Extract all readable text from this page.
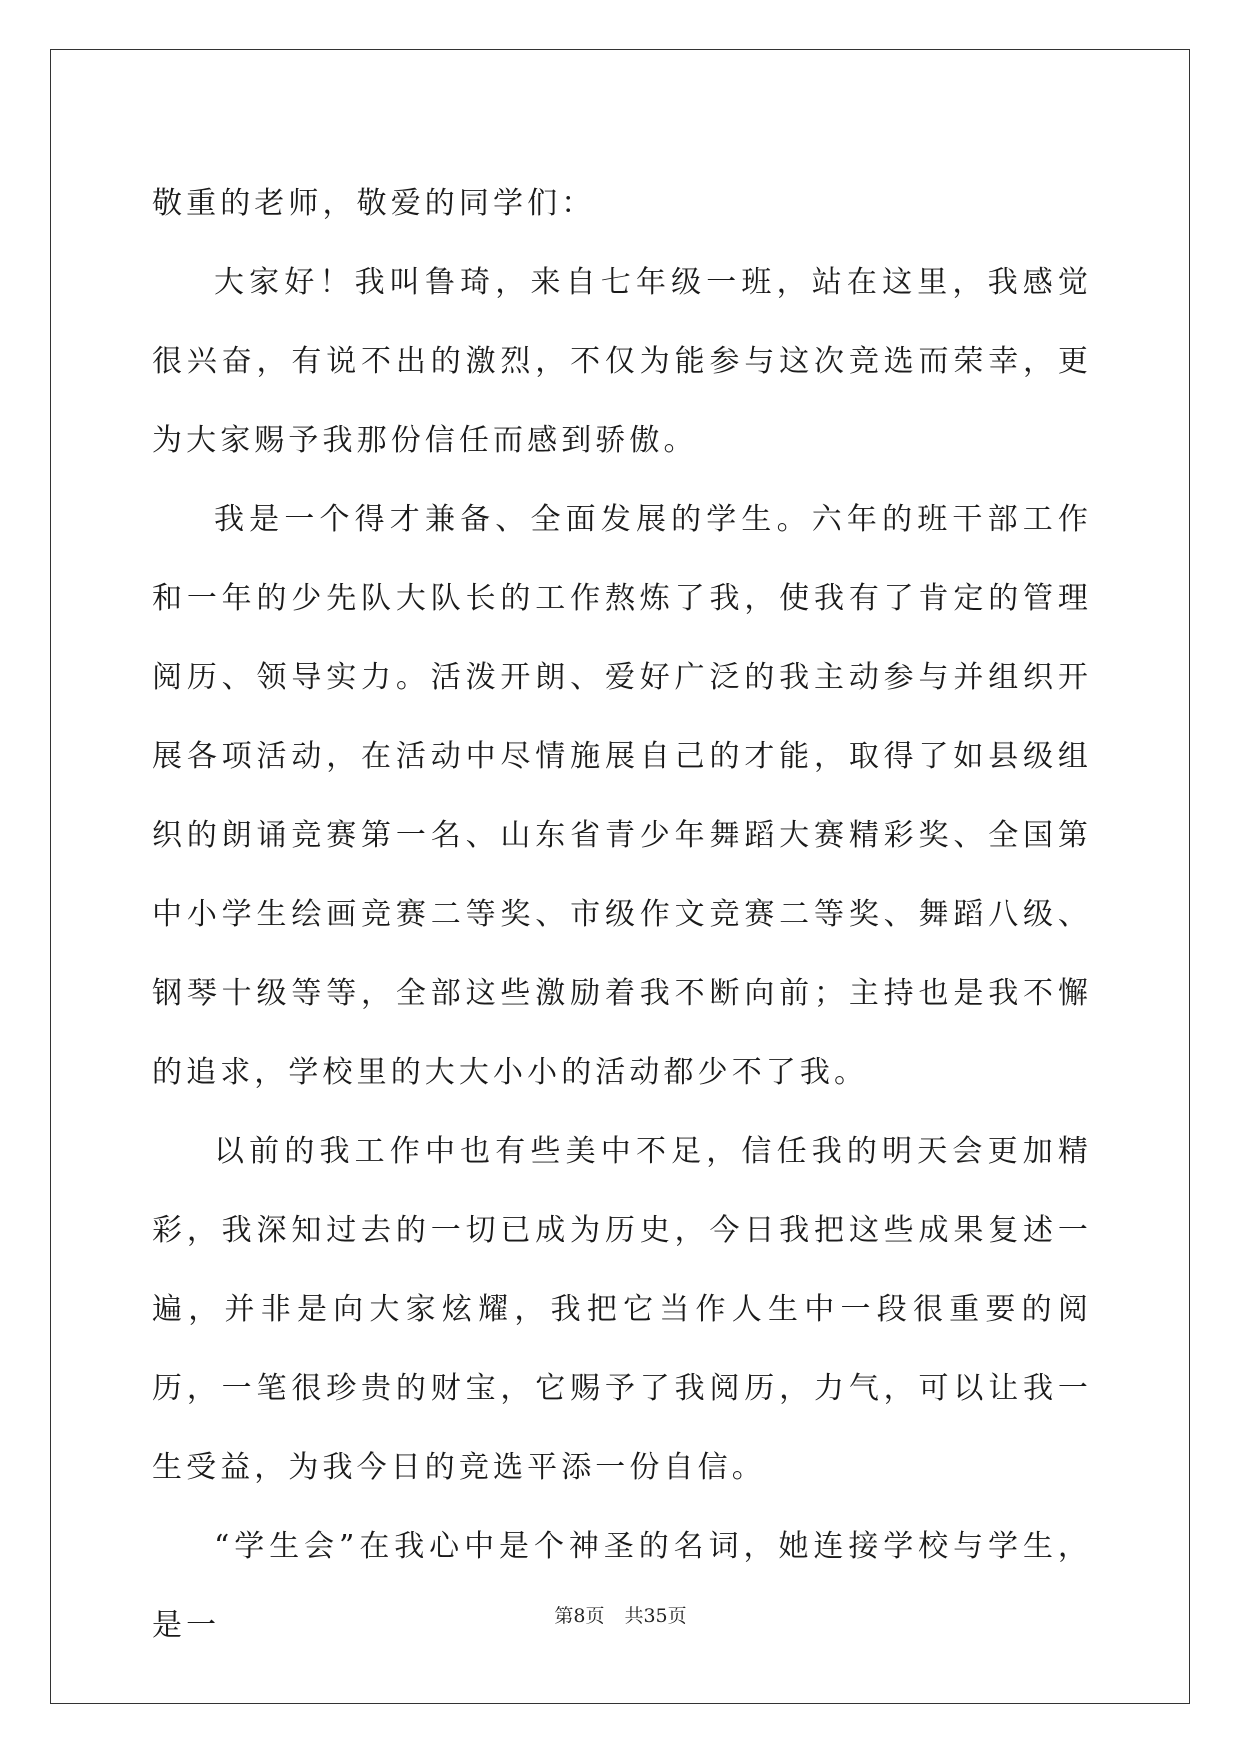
敬重的老师，敬爱的同学们：

大家好！我叫鲁琦，来自七年级一班，站在这里，我感觉很兴奋，有说不出的激烈，不仅为能参与这次竞选而荣幸，更为大家赐予我那份信任而感到骄傲。

我是一个得才兼备、全面发展的学生。六年的班干部工作和一年的少先队大队长的工作熬炼了我，使我有了肯定的管理阅历、领导实力。活泼开朗、爱好广泛的我主动参与并组织开展各项活动，在活动中尽情施展自己的才能，取得了如县级组织的朗诵竞赛第一名、山东省青少年舞蹈大赛精彩奖、全国第中小学生绘画竞赛二等奖、市级作文竞赛二等奖、舞蹈八级、钢琴十级等等，全部这些激励着我不断向前；主持也是我不懈的追求，学校里的大大小小的活动都少不了我。

以前的我工作中也有些美中不足，信任我的明天会更加精彩，我深知过去的一切已成为历史，今日我把这些成果复述一遍，并非是向大家炫耀，我把它当作人生中一段很重要的阅历，一笔很珍贵的财宝，它赐予了我阅历，力气，可以让我一生受益，为我今日的竞选平添一份自信。

“学生会”在我心中是个神圣的名词，她连接学校与学生，是一	第8页 共35页
